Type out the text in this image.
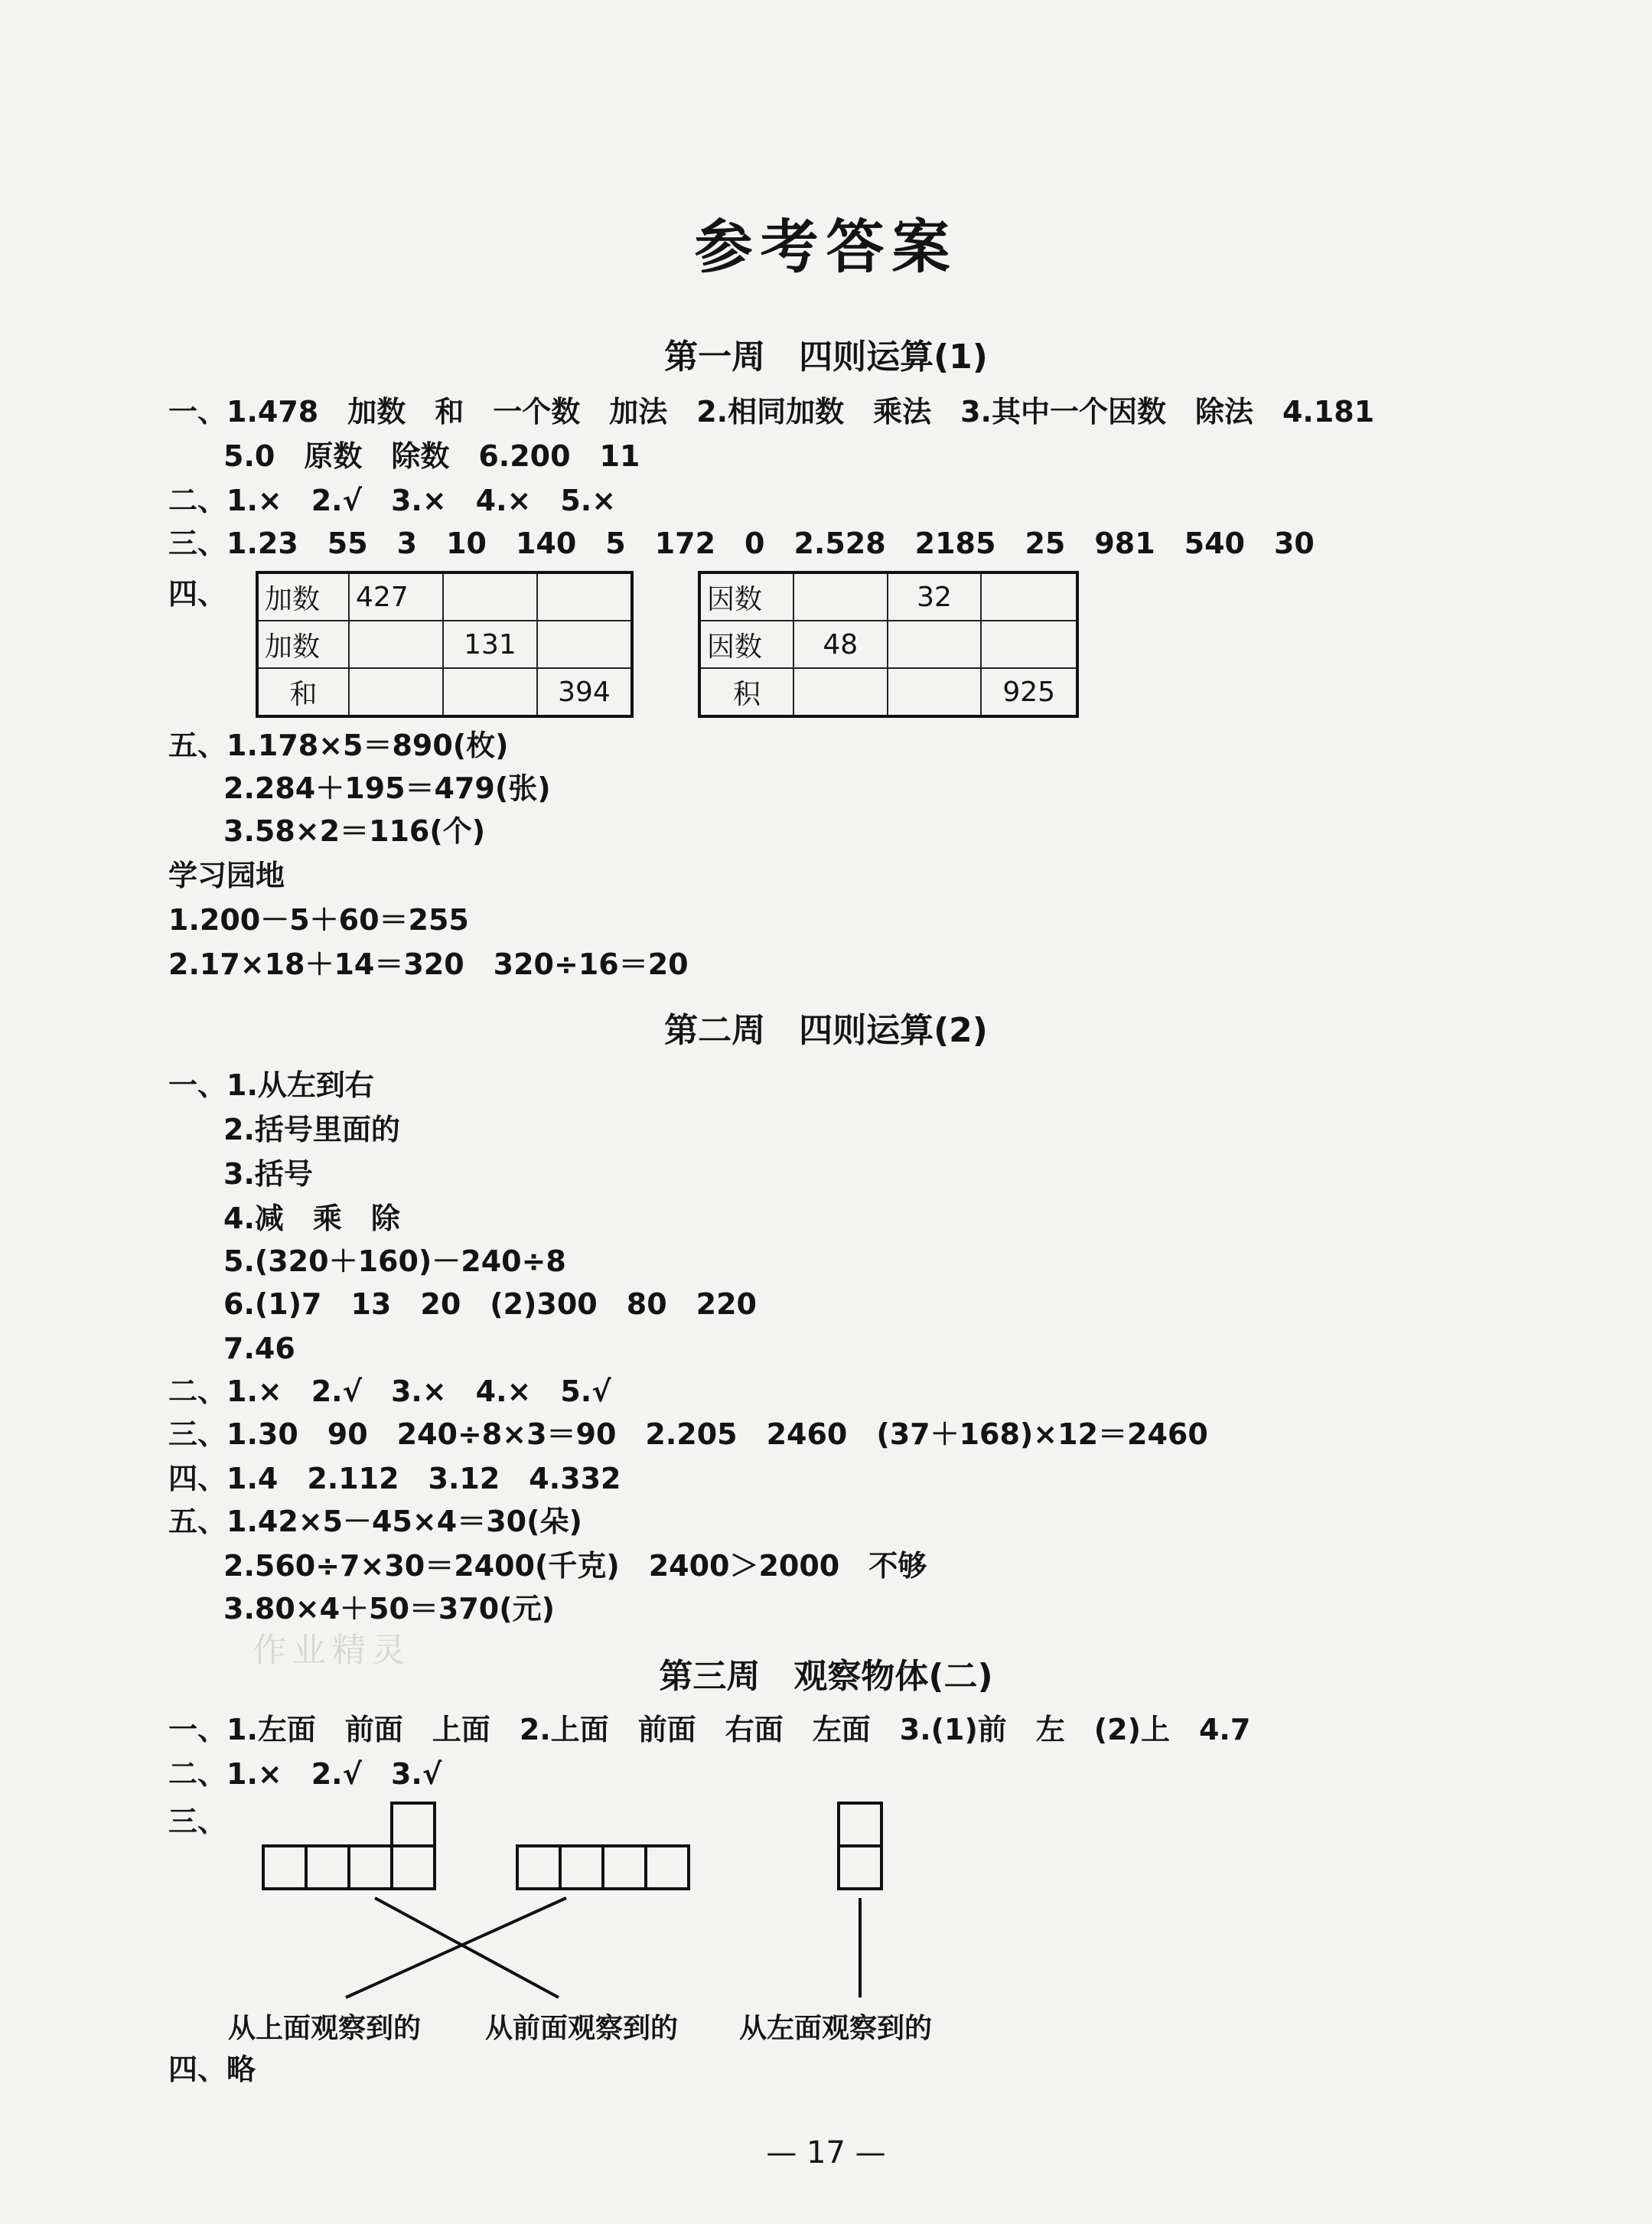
作业精灵
参考答案
第一周　四则运算(1)
一、1.478　加数　和　一个数　加法　2.相同加数　乘法　3.其中一个因数　除法　4.181
5.0　原数　除数　6.200　11
二、1.×　2.√　3.×　4.×　5.×
三、1.23　55　3　10　140　5　172　0　2.528　2185　25　981　540　30
四、 加数	427		
加数		131	
和			394
因数		32	
因数	48		
积			925
五、1.178×5＝890(枚)
2.284＋195＝479(张)
3.58×2＝116(个)
学习园地
1.200－5＋60＝255
2.17×18＋14＝320　320÷16＝20
第二周　四则运算(2)
一、1.从左到右
2.括号里面的
3.括号
4.减　乘　除
5.(320＋160)－240÷8
6.(1)7　13　20　(2)300　80　220
7.46
二、1.×　2.√　3.×　4.×　5.√
三、1.30　90　240÷8×3＝90　2.205　2460　(37＋168)×12＝2460
四、1.4　2.112　3.12　4.332
五、1.42×5－45×4＝30(朵)
2.560÷7×30＝2400(千克)　2400＞2000　不够
3.80×4＋50＝370(元)
第三周　观察物体(二)
一、1.左面　前面　上面　2.上面　前面　右面　左面　3.(1)前　左　(2)上　4.7
二、1.×　2.√　3.√
三、
从上面观察到的 从前面观察到的 从左面观察到的
四、略
— 17 —
